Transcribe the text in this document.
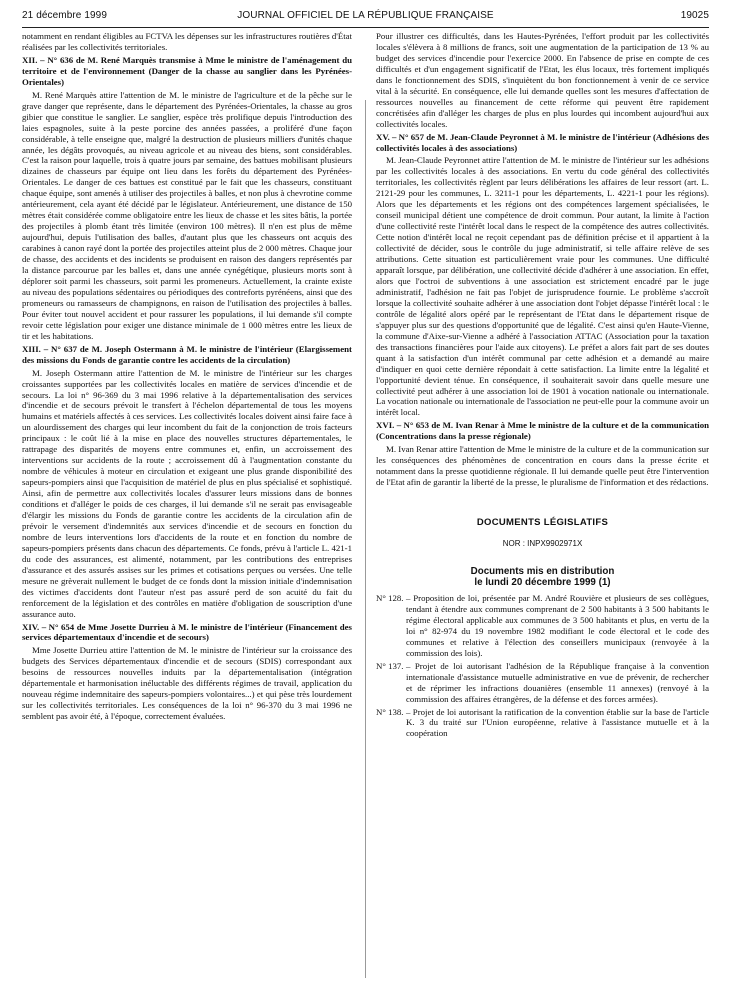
21 décembre 1999	JOURNAL OFFICIEL DE LA RÉPUBLIQUE FRANÇAISE	19025

notamment en rendant éligibles au FCTVA les dépenses sur les infrastructures routières d'État réalisées par les collectivités territoriales.

XII. – N° 636 de M. René Marquès transmise à Mme le ministre de l'aménagement du territoire et de l'environnement (Danger de la chasse au sanglier dans les Pyrénées-Orientales)

M. René Marquès attire l'attention de M. le ministre de l'agriculture et de la pêche sur le grave danger que représente, dans le département des Pyrénées-Orientales, la chasse au gros gibier que constitue le sanglier. Le sanglier, espèce très prolifique depuis l'introduction des laies espagnoles, suite à la peste porcine des années passées, a proliféré d'une façon considérable, à telle enseigne que, malgré la destruction de plusieurs milliers d'unités chaque année, les dégâts provoqués, au niveau agricole et au niveau des biens, sont considérables. C'est la raison pour laquelle, trois à quatre jours par semaine, des battues mobilisant plusieurs dizaines de chasseurs par équipe ont lieu dans les forêts du département des Pyrénées-Orientales. Le danger de ces battues est constitué par le fait que les chasseurs, constituant chaque équipe, sont amenés à utiliser des projectiles à balles, et non plus à chevrotine comme antérieurement, cela ayant été décidé par le législateur. Antérieurement, une distance de 150 mètres était considérée comme obligatoire entre les lieux de chasse et les sites bâtis, la portée des projectiles à plomb étant très limitée (environ 100 mètres). Il n'en est plus de même aujourd'hui, depuis l'utilisation des balles, d'autant plus que les chasseurs ont acquis des carabines à canon rayé dont la portée des projectiles atteint plus de 2 000 mètres. Chaque jour de chasse, des accidents et des incidents se produisent en raison des dangers représentés par la distance parcourue par les balles et, dans une année cynégétique, plusieurs morts sont à déplorer soit parmi les chasseurs, soit parmi les promeneurs. Actuellement, la crainte existe au niveau des populations sédentaires ou périodiques des contreforts pyrénéens, ainsi que des promeneurs ou ramasseurs de champignons, en raison de l'utilisation des projectiles à balles. Pour éviter tout nouvel accident et pour rassurer les populations, il lui demande s'il compte revoir cette législation pour exiger une distance minimale de 1 000 mètres entre les lieux de tir et les habitations.

XIII. – N° 637 de M. Joseph Ostermann à M. le ministre de l'intérieur (Elargissement des missions du Fonds de garantie contre les accidents de la circulation)

M. Joseph Ostermann attire l'attention de M. le ministre de l'intérieur sur les charges croissantes supportées par les collectivités locales en matière de services d'incendie et de secours. La loi n° 96-369 du 3 mai 1996 relative à la départementalisation des services d'incendie et de secours prévoit le transfert à l'échelon départemental de tous les moyens humains et matériels affectés à ces services. Les collectivités locales doivent ainsi faire face à un alourdissement des charges qui leur incombent du fait de la conjonction de trois facteurs principaux : le coût lié à la mise en place des nouvelles structures départementales, le rattrapage des disparités de moyens entre communes et, enfin, un accroissement des interventions sur accidents de la route ; accroissement dû à l'augmentation constante du nombre de véhicules à moteur en circulation et exigeant une plus grande disponibilité des sapeurs-pompiers ainsi que l'acquisition de matériel de plus en plus spécialisé et sophistiqué. Ainsi, afin de permettre aux collectivités locales d'assurer leurs missions dans de bonnes conditions et d'alléger le poids de ces charges, il lui demande s'il ne serait pas envisageable d'élargir les missions du Fonds de garantie contre les accidents de la circulation afin de prévoir le versement d'indemnités aux services d'incendie et de secours en fonction du nombre de leurs interventions lors d'accidents de la route et en fonction du nombre de sapeurs-pompiers présents dans chacun des départements. Ce fonds, prévu à l'article L. 421-1 du code des assurances, est alimenté, notamment, par les contributions des entreprises d'assurance et des assurés assises sur les primes et cotisations perçues ou versées. Une telle mesure ne grèverait nullement le budget de ce fonds dont la mission initiale d'indemnisation des victimes d'accidents dont l'auteur n'est pas assuré perd de son acuité du fait du renforcement de la législation et des contrôles en matière d'obligation de souscription d'une assurance auto.

XIV. – N° 654 de Mme Josette Durrieu à M. le ministre de l'intérieur (Financement des services départementaux d'incendie et de secours)

Mme Josette Durrieu attire l'attention de M. le ministre de l'intérieur sur la croissance des budgets des Services départementaux d'incendie et de secours (SDIS) correspondant aux besoins de ressources nouvelles induits par la départementalisation (intégration départementale et harmonisation inéluctable des différents régimes de travail, application du nouveau régime indemnitaire des sapeurs-pompiers volontaires...) et qui pèse très lourdement sur les collectivités territoriales. Les conséquences de la loi n° 96-370 du 3 mai 1996 ne semblent pas avoir été, à l'époque, correctement évaluées.

Pour illustrer ces difficultés, dans les Hautes-Pyrénées, l'effort produit par les collectivités locales s'élèvera à 8 millions de francs, soit une augmentation de la participation de 13 % au budget des services d'incendie pour l'exercice 2000. En l'absence de prise en compte de ces difficultés et d'un engagement significatif de l'Etat, les élus locaux, très fortement impliqués dans le fonctionnement des SDIS, s'inquiètent du bon fonctionnement à venir de ce service vital à la sécurité. En conséquence, elle lui demande quelles sont les mesures d'affectation de ressources nouvelles au financement de cette réforme qui peuvent être rapidement concrétisées afin d'alléger les charges de plus en plus lourdes qui incombent aujourd'hui aux collectivités locales.

XV. – N° 657 de M. Jean-Claude Peyronnet à M. le ministre de l'intérieur (Adhésions des collectivités locales à des associations)

M. Jean-Claude Peyronnet attire l'attention de M. le ministre de l'intérieur sur les adhésions par les collectivités locales à des associations. En vertu du code général des collectivités territoriales, les collectivités règlent par leurs délibérations les affaires de leur ressort (art. L. 2121-29 pour les communes, L. 3211-1 pour les départements, L. 4221-1 pour les régions). Alors que les départements et les régions ont des compétences largement spécialisées, le conseil municipal détient une compétence de droit commun. Pour autant, la limite à l'action d'une collectivité reste l'intérêt local dans le respect de la compétence des autres collectivités. Cette notion d'intérêt local ne reçoit cependant pas de définition précise et il appartient à la collectivité de décider, sous le contrôle du juge administratif, si telle affaire relève de ses attributions. Cette situation est particulièrement vraie pour les communes. Une difficulté apparaît lorsque, par délibération, une collectivité décide d'adhérer à une association. En effet, alors que l'octroi de subventions à une association est strictement encadré par le juge administratif, l'adhésion ne fait pas l'objet de jurisprudence fournie. Le problème s'accroît lorsque la collectivité souhaite adhérer à une association dont l'objet dépasse l'intérêt local : le contrôle de légalité alors opéré par le représentant de l'Etat dans le département risque de s'appuyer plus sur des questions d'opportunité que de légalité. C'est ainsi qu'en Haute-Vienne, la commune d'Aixe-sur-Vienne a adhéré à l'association ATTAC (Association pour la taxation des transactions financières pour l'aide aux citoyens). Le préfet a alors fait part de ses doutes quant à la satisfaction d'un intérêt communal par cette adhésion et a demandé au maire d'indiquer en quoi cette dernière répondait à cette satisfaction. La limite entre la légalité et l'opportunité devient ténue. En conséquence, il souhaiterait savoir dans quelle mesure une collectivité peut adhérer à une association loi de 1901 à vocation nationale ou internationale. La vocation nationale ou internationale de l'association ne peut-elle pour la commune avoir un intérêt local.

XVI. – N° 653 de M. Ivan Renar à Mme le ministre de la culture et de la communication (Concentrations dans la presse régionale)

M. Ivan Renar attire l'attention de Mme le ministre de la culture et de la communication sur les conséquences des phénomènes de concentration en cours dans la presse écrite et notamment dans la presse quotidienne régionale. Il lui demande quelle peut être l'intervention de l'Etat afin de garantir la liberté de la presse, le pluralisme de l'information et des rédactions.

DOCUMENTS LÉGISLATIFS

NOR : INPX9902971X

Documents mis en distribution
le lundi 20 décembre 1999 (1)

N° 128. – Proposition de loi, présentée par M. André Rouvière et plusieurs de ses collègues, tendant à étendre aux communes comprenant de 2 500 habitants à 3 500 habitants le régime électoral applicable aux communes de 3 500 habitants et plus, en vertu de la loi n° 82-974 du 19 novembre 1982 modifiant le code électoral et le code des communes et relative à l'élection des conseillers municipaux (renvoyée à la commission des lois).
N° 137. – Projet de loi autorisant l'adhésion de la République française à la convention internationale d'assistance mutuelle administrative en vue de prévenir, de rechercher et de réprimer les infractions douanières (ensemble 11 annexes) (renvoyé à la commission des affaires étrangères, de la défense et des forces armées).
N° 138. – Projet de loi autorisant la ratification de la convention établie sur la base de l'article K. 3 du traité sur l'Union européenne, relative à l'assistance mutuelle et à la coopération
